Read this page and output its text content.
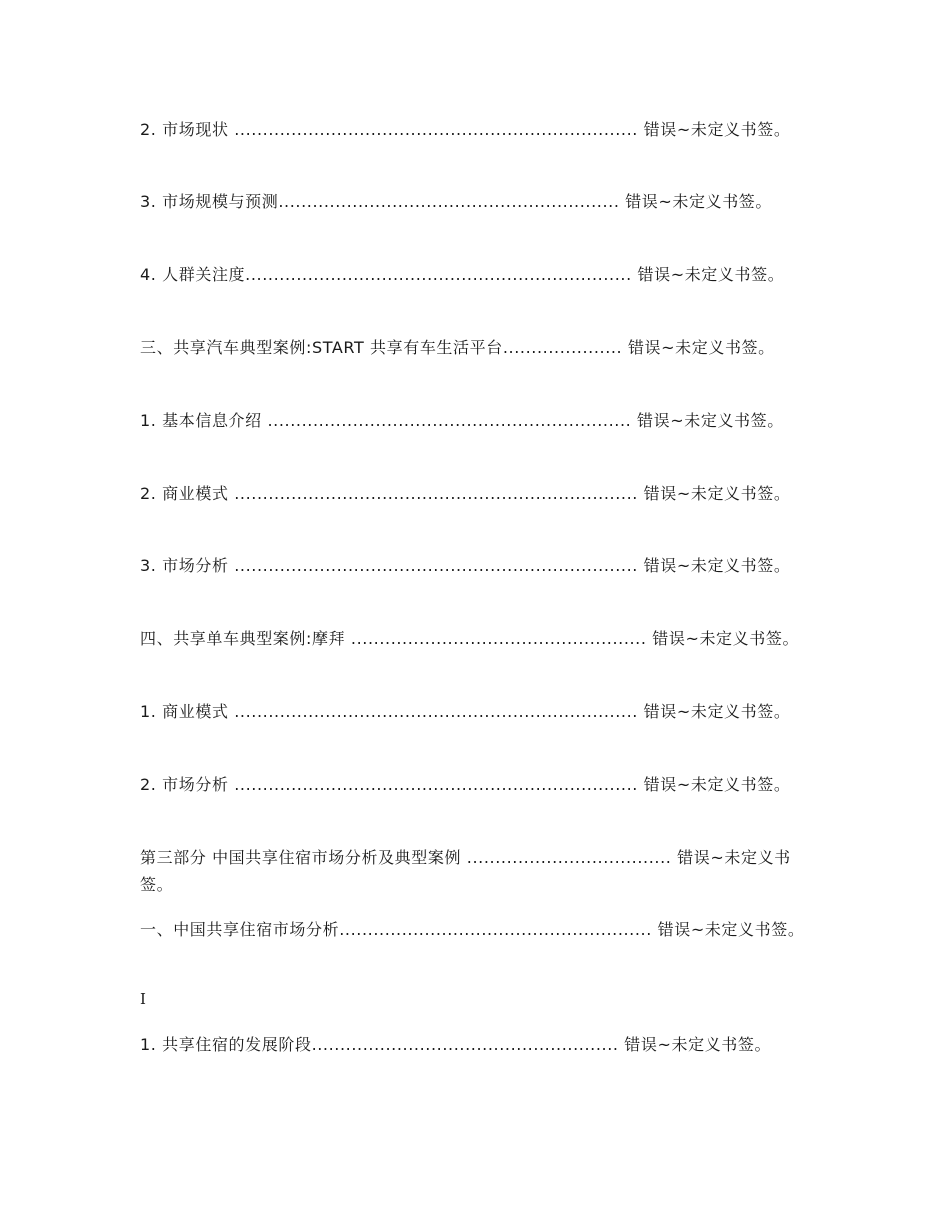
2. 市场现状 ....................................................................... 错误~未定义书签。
3. 市场规模与预测............................................................ 错误~未定义书签。
4. 人群关注度.................................................................... 错误~未定义书签。
三、共享汽车典型案例:START 共享有车生活平台..................... 错误~未定义书签。
1. 基本信息介绍 ................................................................ 错误~未定义书签。
2. 商业模式 ....................................................................... 错误~未定义书签。
3. 市场分析 ....................................................................... 错误~未定义书签。
四、共享单车典型案例:摩拜 .................................................... 错误~未定义书签。
1. 商业模式 ....................................................................... 错误~未定义书签。
2. 市场分析 ....................................................................... 错误~未定义书签。
第三部分 中国共享住宿市场分析及典型案例 .................................... 错误~未定义书签。
一、中国共享住宿市场分析....................................................... 错误~未定义书签。
I
1. 共享住宿的发展阶段...................................................... 错误~未定义书签。
